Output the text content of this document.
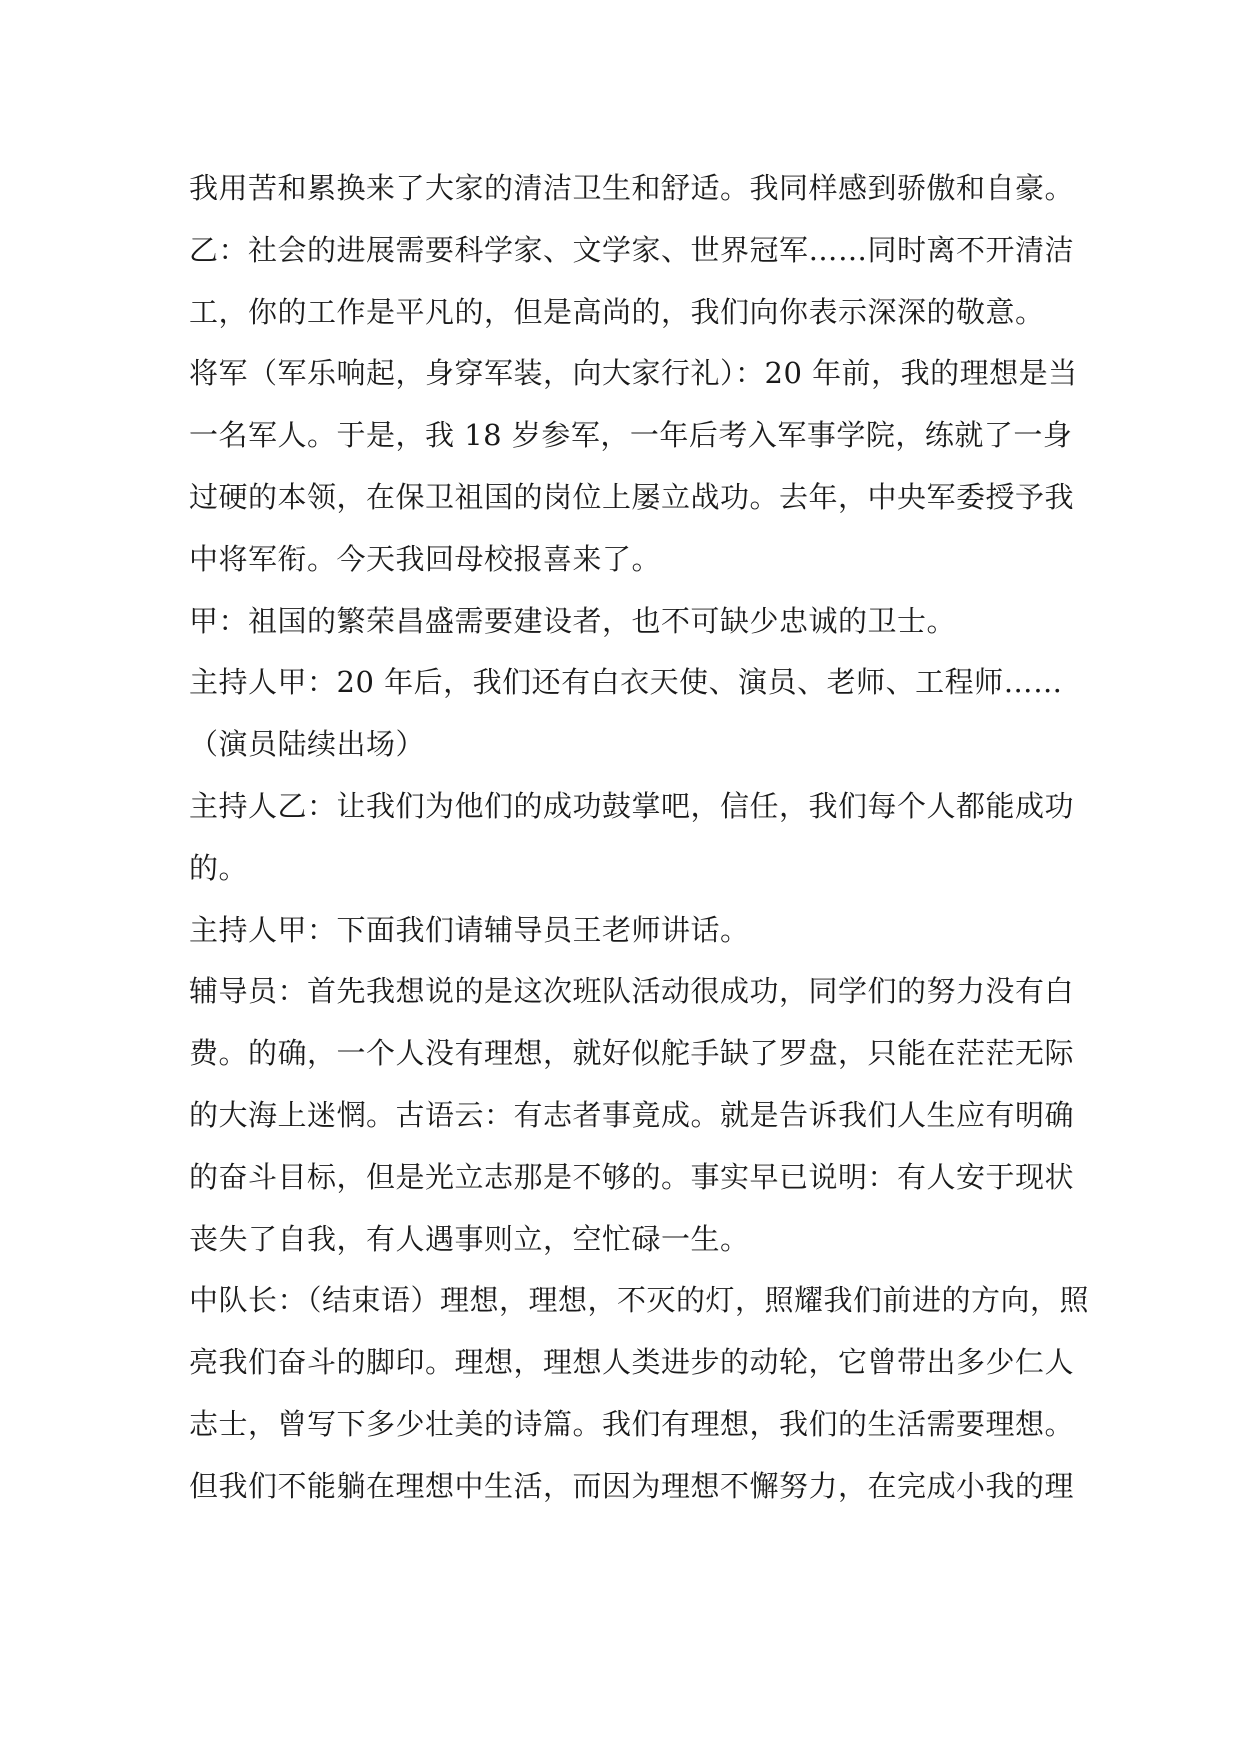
我用苦和累换来了大家的清洁卫生和舒适。我同样感到骄傲和自豪。
乙：社会的进展需要科学家、文学家、世界冠军……同时离不开清洁
工，你的工作是平凡的，但是高尚的，我们向你表示深深的敬意。
将军（军乐响起，身穿军装，向大家行礼）：20 年前，我的理想是当
一名军人。于是，我 18 岁参军，一年后考入军事学院，练就了一身
过硬的本领，在保卫祖国的岗位上屡立战功。去年，中央军委授予我
中将军衔。今天我回母校报喜来了。
甲：祖国的繁荣昌盛需要建设者，也不可缺少忠诚的卫士。
主持人甲：20 年后，我们还有白衣天使、演员、老师、工程师……
（演员陆续出场）
主持人乙：让我们为他们的成功鼓掌吧，信任，我们每个人都能成功
的。
主持人甲：下面我们请辅导员王老师讲话。
辅导员：首先我想说的是这次班队活动很成功，同学们的努力没有白
费。的确，一个人没有理想，就好似舵手缺了罗盘，只能在茫茫无际
的大海上迷惘。古语云：有志者事竟成。就是告诉我们人生应有明确
的奋斗目标，但是光立志那是不够的。事实早已说明：有人安于现状
丧失了自我，有人遇事则立，空忙碌一生。
中队长：（结束语）理想，理想，不灭的灯，照耀我们前进的方向，照
亮我们奋斗的脚印。理想，理想人类进步的动轮，它曾带出多少仁人
志士，曾写下多少壮美的诗篇。我们有理想，我们的生活需要理想。
但我们不能躺在理想中生活，而因为理想不懈努力，在完成小我的理
